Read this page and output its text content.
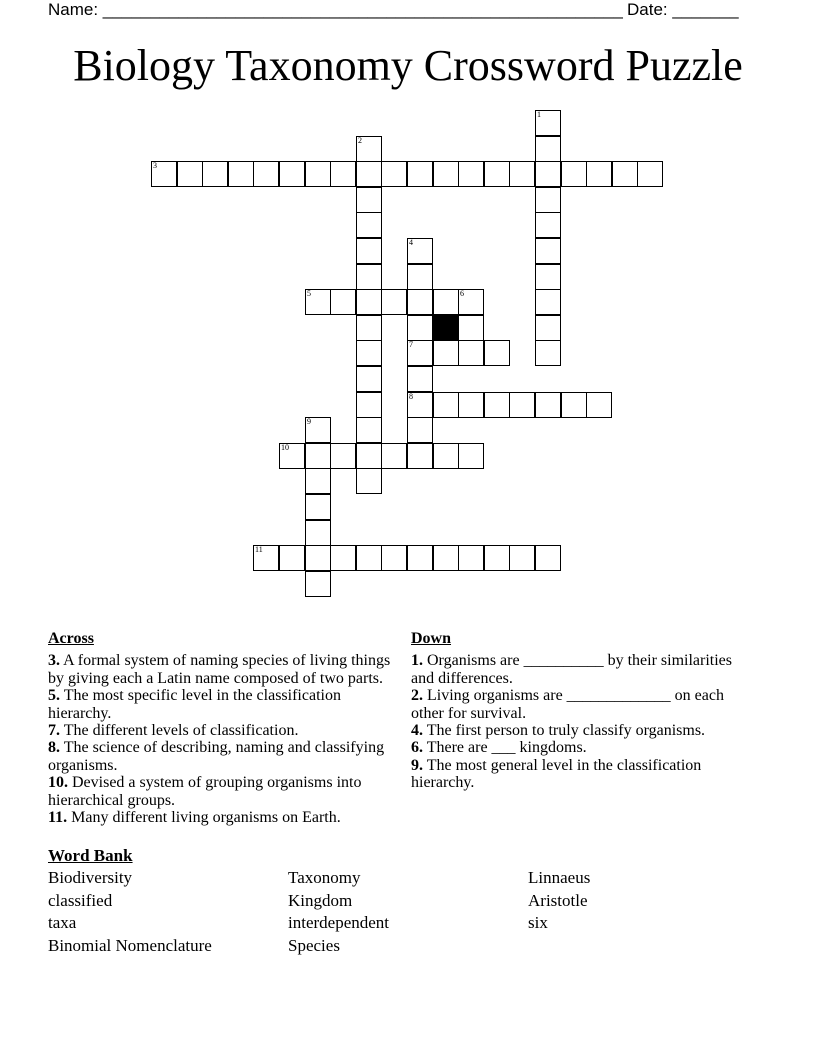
Name: _______________________________________________________ Date: _______
Biology Taxonomy Crossword Puzzle
1
2
3
4
7
8
5	6
9
10
11
Across
3. A formal system of naming species of living things by giving each a Latin name composed of two parts.
5. The most specific level in the classification hierarchy.
7. The different levels of classification.
8. The science of describing, naming and classifying organisms.
10. Devised a system of grouping organisms into hierarchical groups.
11. Many different living organisms on Earth.
Down
1. Organisms are __________ by their similarities and differences.
2. Living organisms are _____________ on each other for survival.
4. The first person to truly classify organisms.
6. There are ___ kingdoms.
9. The most general level in the classification hierarchy.
Word Bank
Biodiversity
classified
taxa
Binomial Nomenclature
Taxonomy
Kingdom
interdependent
Species
Linnaeus
Aristotle
six
